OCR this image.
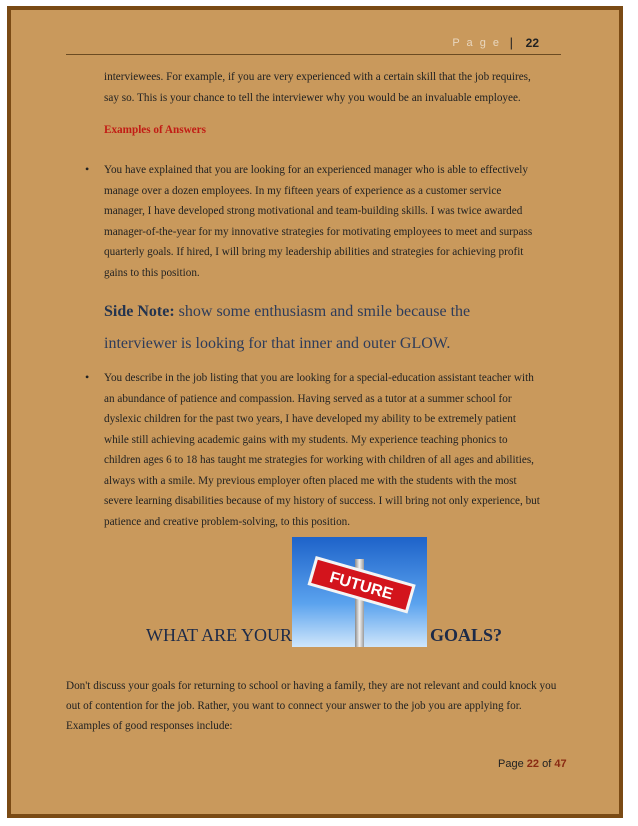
P a g e | 22
interviewees. For example, if you are very experienced with a certain skill that the job requires,
say so. This is your chance to tell the interviewer why you would be an invaluable employee.
Examples of Answers
• You have explained that you are looking for an experienced manager who is able to effectively
manage over a dozen employees. In my fifteen years of experience as a customer service
manager, I have developed strong motivational and team-building skills. I was twice awarded
manager-of-the-year for my innovative strategies for motivating employees to meet and surpass
quarterly goals. If hired, I will bring my leadership abilities and strategies for achieving profit
gains to this position.
Side Note: show some enthusiasm and smile because the
interviewer is looking for that inner and outer GLOW.
• You describe in the job listing that you are looking for a special-education assistant teacher with
an abundance of patience and compassion. Having served as a tutor at a summer school for
dyslexic children for the past two years, I have developed my ability to be extremely patient
while still achieving academic gains with my students. My experience teaching phonics to
children ages 6 to 18 has taught me strategies for working with children of all ages and abilities,
always with a smile. My previous employer often placed me with the students with the most
severe learning disabilities because of my history of success. I will bring not only experience, but
patience and creative problem-solving, to this position.
FUTURE
WHAT ARE YOUR	GOALS?
Don't discuss your goals for returning to school or having a family, they are not relevant and could knock you
out of contention for the job. Rather, you want to connect your answer to the job you are applying for.
Examples of good responses include:
Page 22 of 47
